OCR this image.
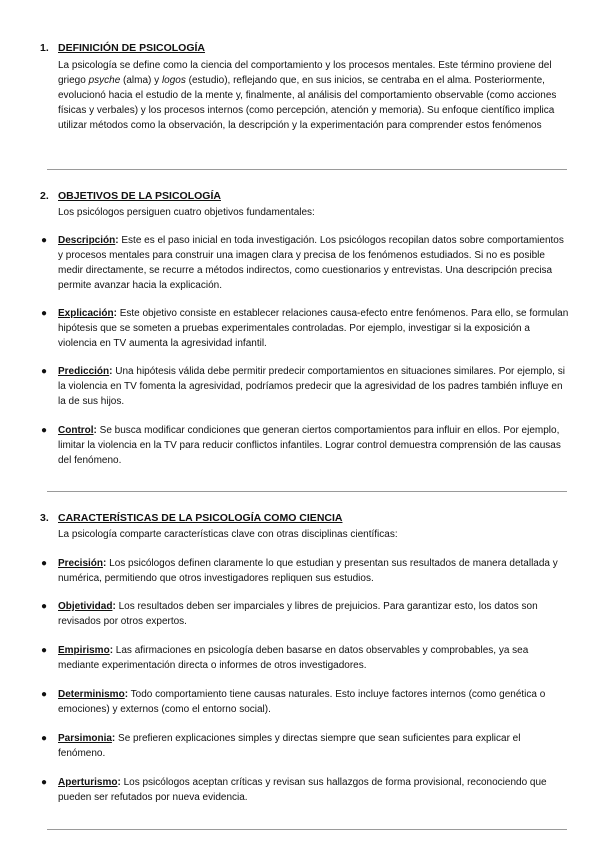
1. DEFINICIÓN DE PSICOLOGÍA
La psicología se define como la ciencia del comportamiento y los procesos mentales. Este término proviene del griego psyche (alma) y logos (estudio), reflejando que, en sus inicios, se centraba en el alma. Posteriormente, evolucionó hacia el estudio de la mente y, finalmente, al análisis del comportamiento observable (como acciones físicas y verbales) y los procesos internos (como percepción, atención y memoria). Su enfoque científico implica utilizar métodos como la observación, la descripción y la experimentación para comprender estos fenómenos
2. OBJETIVOS DE LA PSICOLOGÍA
Los psicólogos persiguen cuatro objetivos fundamentales:
● Descripción: Este es el paso inicial en toda investigación. Los psicólogos recopilan datos sobre comportamientos y procesos mentales para construir una imagen clara y precisa de los fenómenos estudiados. Si no es posible medir directamente, se recurre a métodos indirectos, como cuestionarios y entrevistas. Una descripción precisa permite avanzar hacia la explicación.
● Explicación: Este objetivo consiste en establecer relaciones causa-efecto entre fenómenos. Para ello, se formulan hipótesis que se someten a pruebas experimentales controladas. Por ejemplo, investigar si la exposición a violencia en TV aumenta la agresividad infantil.
● Predicción: Una hipótesis válida debe permitir predecir comportamientos en situaciones similares. Por ejemplo, si la violencia en TV fomenta la agresividad, podríamos predecir que la agresividad de los padres también influye en la de sus hijos.
● Control: Se busca modificar condiciones que generan ciertos comportamientos para influir en ellos. Por ejemplo, limitar la violencia en la TV para reducir conflictos infantiles. Lograr control demuestra comprensión de las causas del fenómeno.
3. CARACTERÍSTICAS DE LA PSICOLOGÍA COMO CIENCIA
La psicología comparte características clave con otras disciplinas científicas:
● Precisión: Los psicólogos definen claramente lo que estudian y presentan sus resultados de manera detallada y numérica, permitiendo que otros investigadores repliquen sus estudios.
● Objetividad: Los resultados deben ser imparciales y libres de prejuicios. Para garantizar esto, los datos son revisados por otros expertos.
● Empirismo: Las afirmaciones en psicología deben basarse en datos observables y comprobables, ya sea mediante experimentación directa o informes de otros investigadores.
● Determinismo: Todo comportamiento tiene causas naturales. Esto incluye factores internos (como genética o emociones) y externos (como el entorno social).
● Parsimonia: Se prefieren explicaciones simples y directas siempre que sean suficientes para explicar el fenómeno.
● Aperturismo: Los psicólogos aceptan críticas y revisan sus hallazgos de forma provisional, reconociendo que pueden ser refutados por nueva evidencia.
